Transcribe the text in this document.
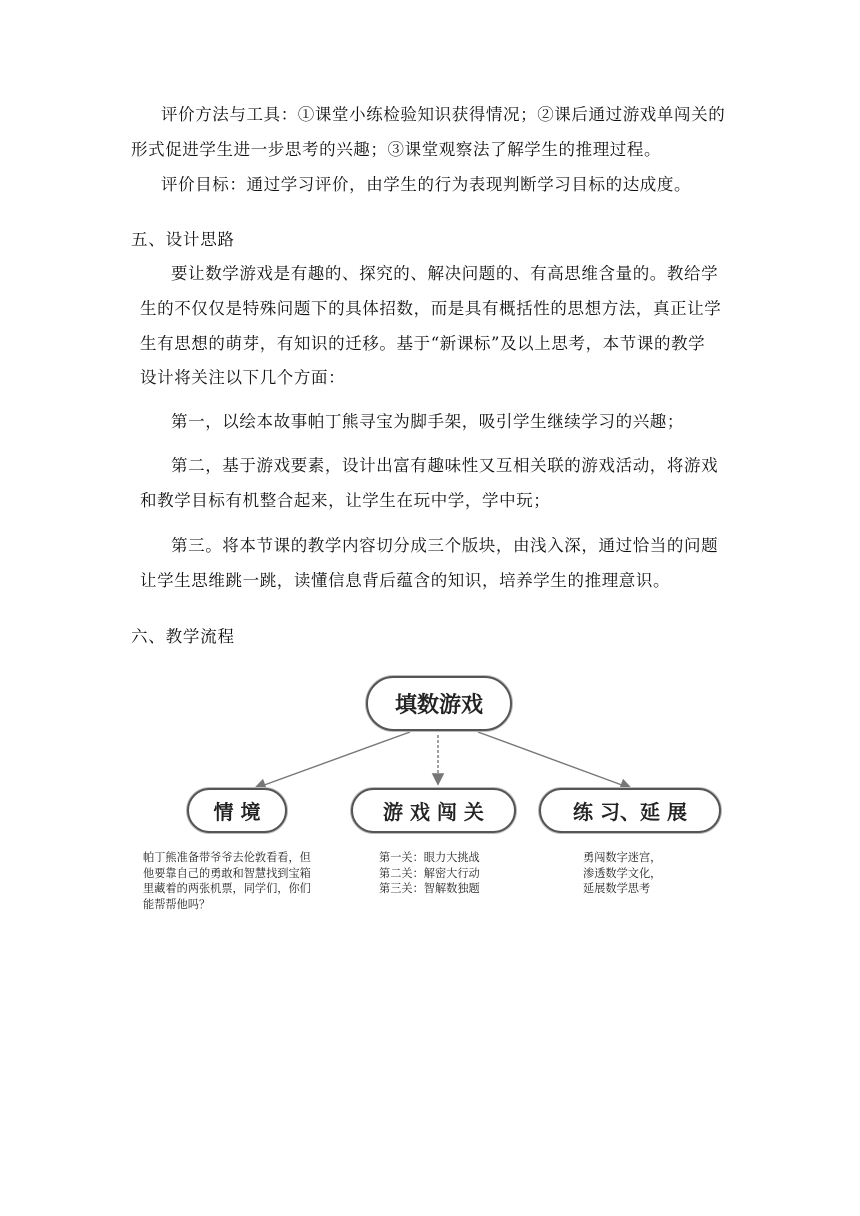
评价方法与工具：①课堂小练检验知识获得情况；②课后通过游戏单闯关的
形式促进学生进一步思考的兴趣；③课堂观察法了解学生的推理过程。
评价目标：通过学习评价，由学生的行为表现判断学习目标的达成度。
五、设计思路
要让数学游戏是有趣的、探究的、解决问题的、有高思维含量的。教给学
生的不仅仅是特殊问题下的具体招数，而是具有概括性的思想方法，真正让学
生有思想的萌芽，有知识的迁移。基于“新课标”及以上思考，本节课的教学
设计将关注以下几个方面：
第一，以绘本故事帕丁熊寻宝为脚手架，吸引学生继续学习的兴趣；
第二，基于游戏要素，设计出富有趣味性又互相关联的游戏活动，将游戏
和教学目标有机整合起来，让学生在玩中学，学中玩；
第三。将本节课的教学内容切分成三个版块，由浅入深，通过恰当的问题
让学生思维跳一跳，读懂信息背后蕴含的知识，培养学生的推理意识。
六、教学流程
填数游戏
情 境	游 戏 闯 关	练 习、延 展
帕丁熊准备带爷爷去伦敦看看，但
他要靠自己的勇敢和智慧找到宝箱
里藏着的两张机票，同学们，你们
能帮帮他吗？
第一关：眼力大挑战
第二关：解密大行动
第三关：智解数独题
勇闯数字迷宫，
渗透数学文化，
延展数学思考
